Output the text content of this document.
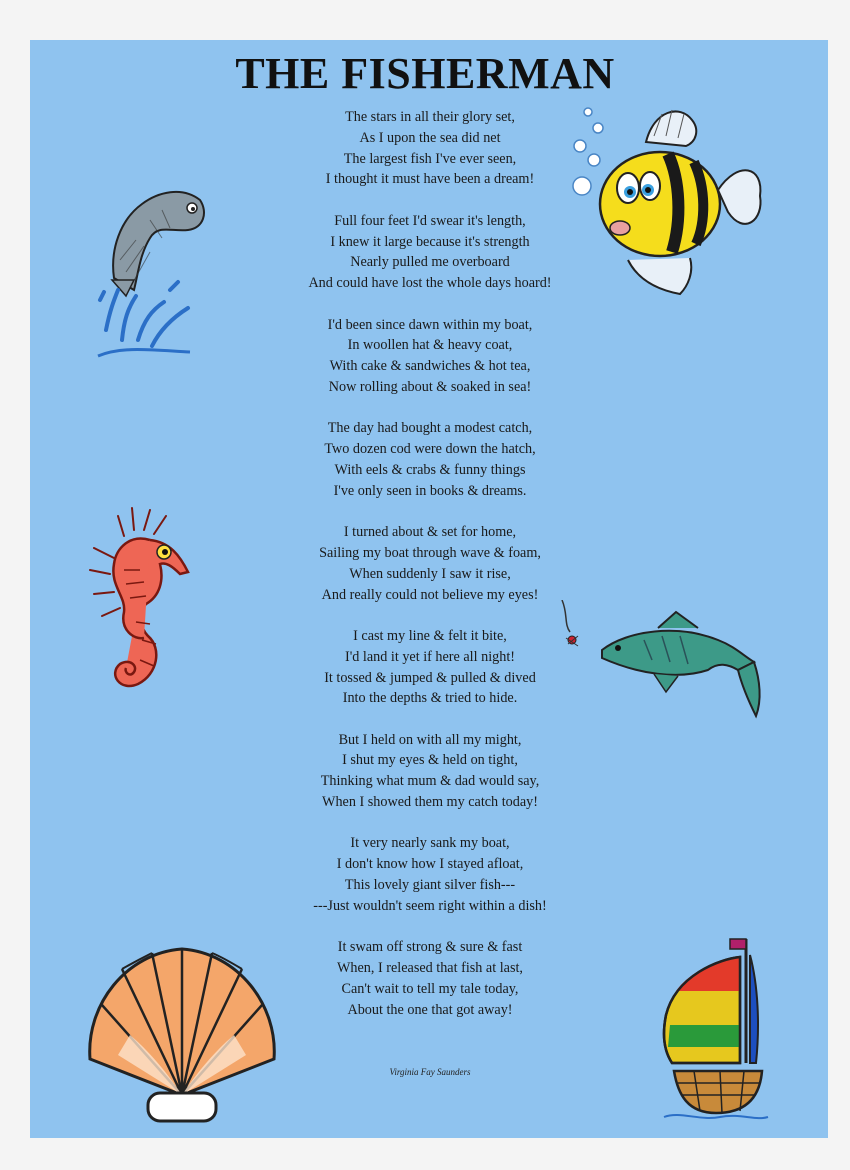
THE FISHERMAN
The stars in all their glory set,
As I upon the sea did net
The largest fish I've ever seen,
I thought it must have been a dream!
Full four feet I'd swear it's length,
I knew it large because it's strength
Nearly pulled me overboard
And could have lost the whole days hoard!
I'd been since dawn within my boat,
In woollen hat & heavy coat,
With cake & sandwiches & hot tea,
Now rolling about & soaked in sea!
The day had bought a modest catch,
Two dozen cod were down the hatch,
With eels & crabs & funny things
I've only seen in books & dreams.
I turned about & set for home,
Sailing my boat through wave & foam,
When suddenly I saw it rise,
And really could not believe my eyes!
I cast my line & felt it bite,
I'd land it yet if here all night!
It tossed & jumped & pulled & dived
Into the depths & tried to hide.
But I held on with all my might,
I shut my eyes & held on tight,
Thinking what mum & dad would say,
When I showed them my catch today!
It very nearly sank my boat,
I don't know how I stayed afloat,
This lovely giant silver fish---
---Just wouldn't seem right within a dish!
It swam off strong & sure & fast
When, I released that fish at last,
Can't wait to tell my tale today,
About the one that got away!
Virginia Fay Saunders
